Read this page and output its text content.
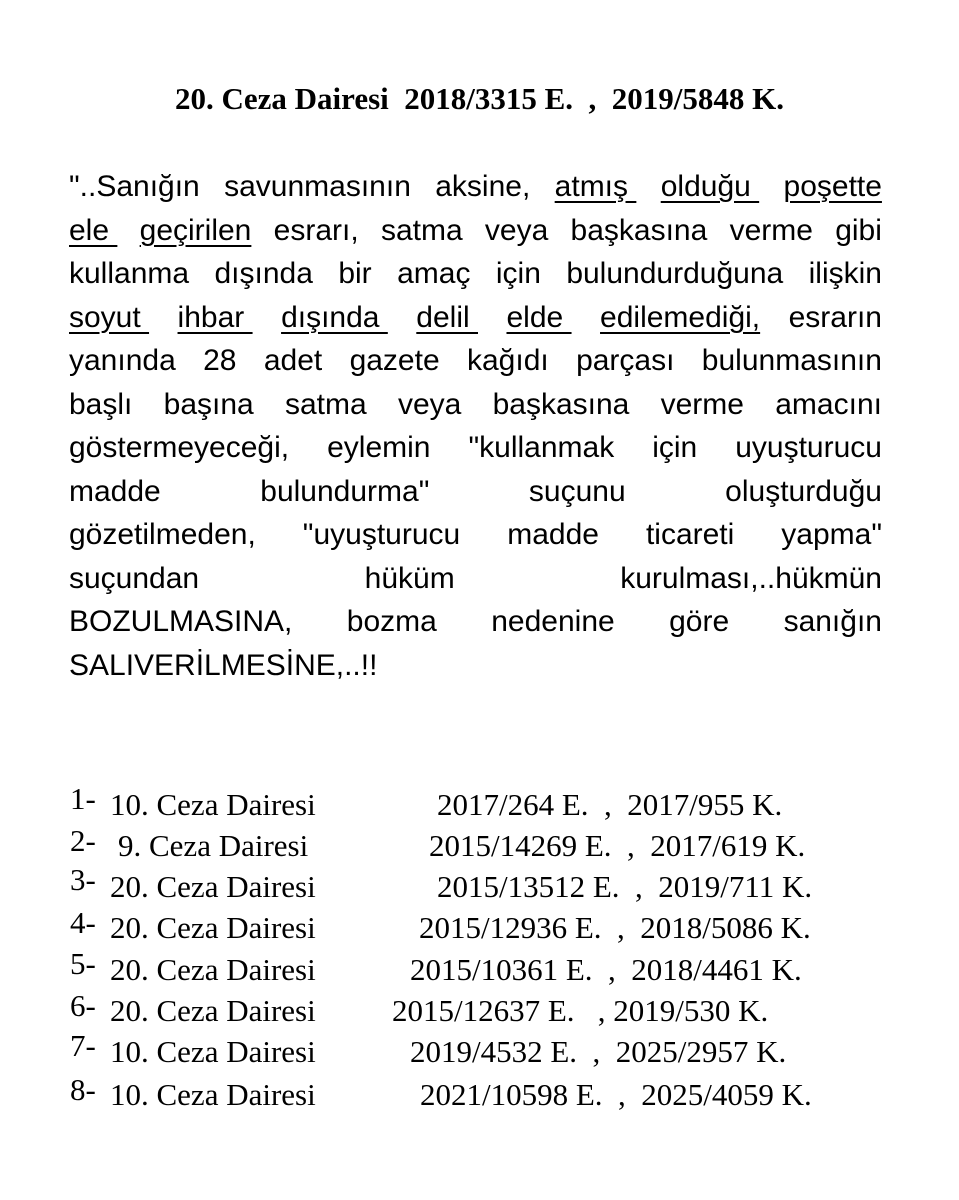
20. Ceza Dairesi  2018/3315 E.  ,  2019/5848 K.
"..Sanığın savunmasının aksine, atmış olduğu poşette
ele geçirilen esrarı, satma veya başkasına verme gibi
kullanma dışında bir amaç için bulundurduğuna ilişkin
soyut ihbar dışında delil elde edilemediği, esrarın
yanında 28 adet gazete kağıdı parçası bulunmasının
başlı başına satma veya başkasına verme amacını
göstermeyeceği, eylemin "kullanmak için uyuşturucu
madde	bulundurma"	suçunu	oluşturduğu
gözetilmeden, "uyuşturucu madde ticareti yapma"
suçundan	hüküm	kurulması,..hükmün
BOZULMASINA, bozma nedenine göre sanığın
SALIVERİLMESİNE,..!!
1- 10. Ceza Dairesi	2017/264 E.  ,  2017/955 K.
2- 9. Ceza Dairesi	2015/14269 E.  ,  2017/619 K.
3- 20. Ceza Dairesi	2015/13512 E.  ,  2019/711 K.
4- 20. Ceza Dairesi	2015/12936 E.  ,  2018/5086 K.
5- 20. Ceza Dairesi	2015/10361 E.  ,  2018/4461 K.
6- 20. Ceza Dairesi 2015/12637 E.   , 2019/530 K.
7- 10. Ceza Dairesi	2019/4532 E.  ,  2025/2957 K.
8- 10. Ceza Dairesi	2021/10598 E.  ,  2025/4059 K.
